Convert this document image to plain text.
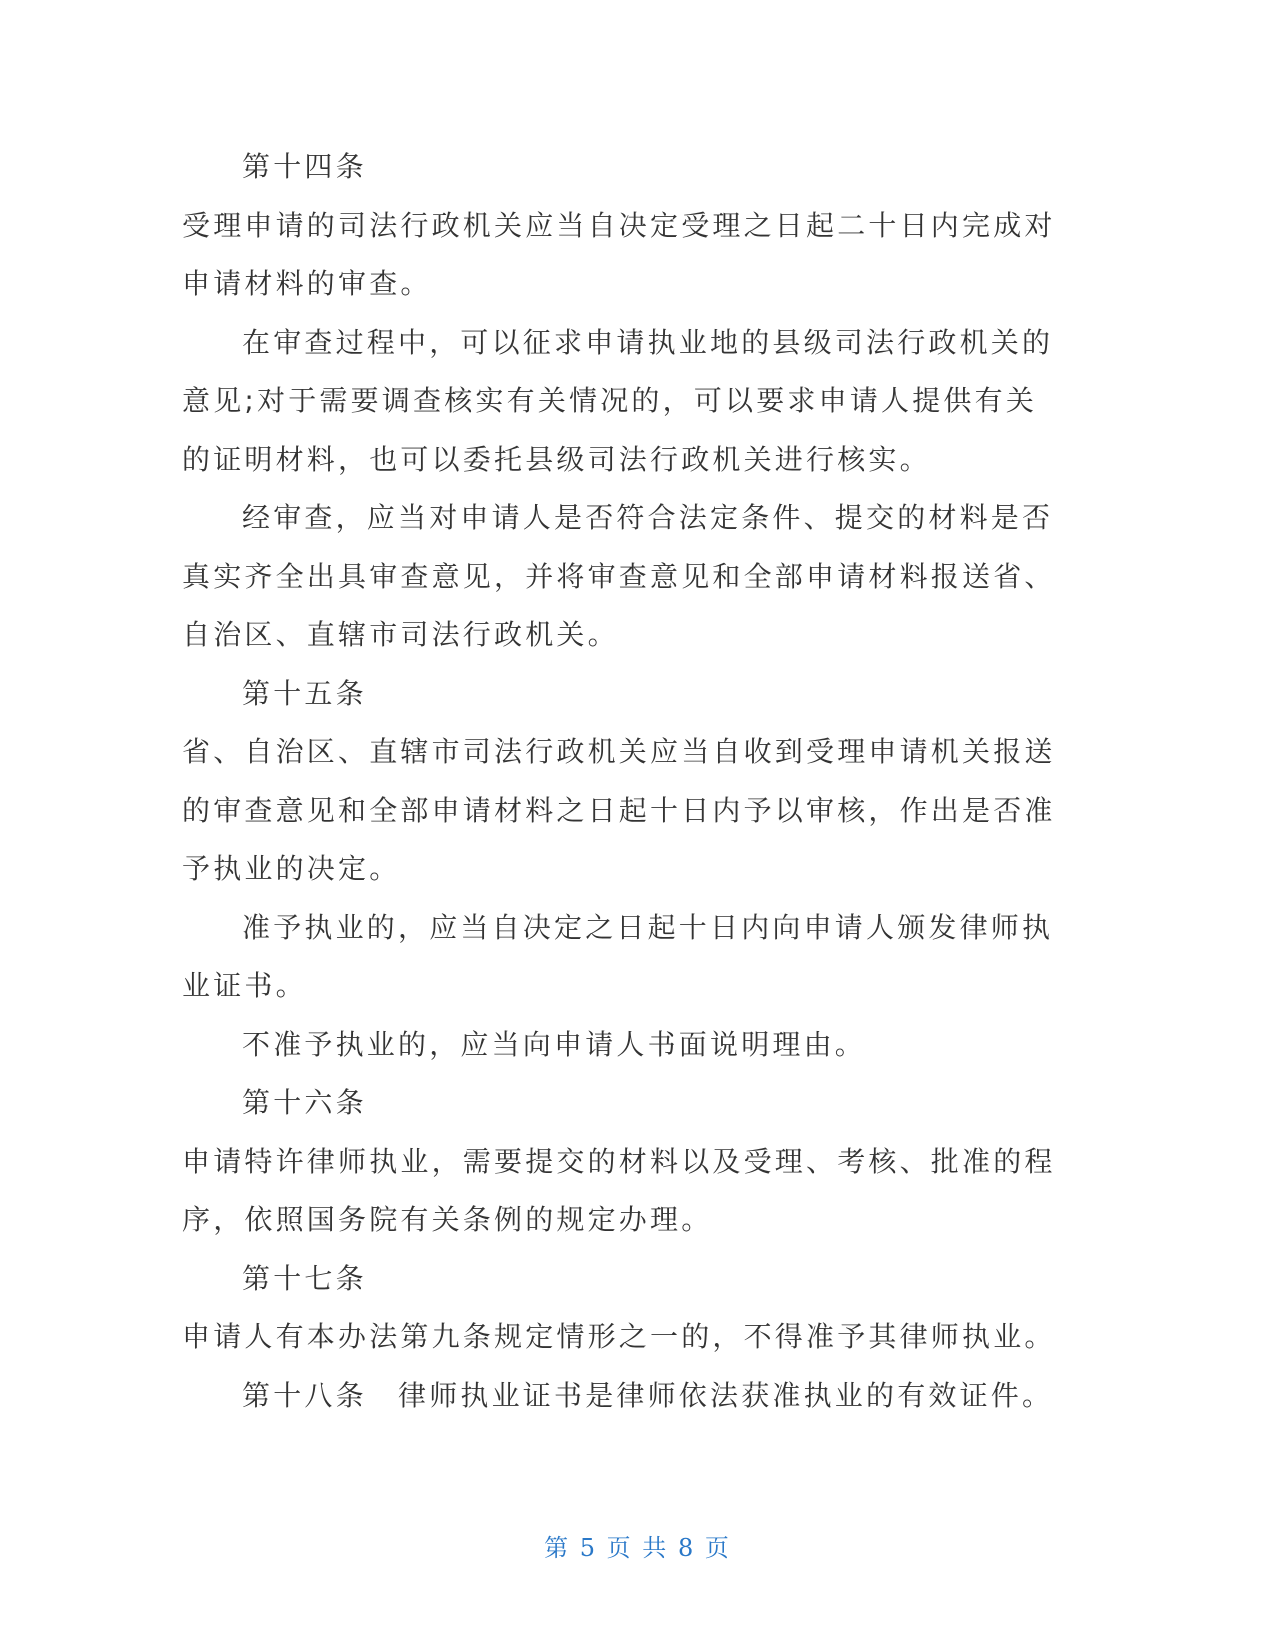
第十四条

受理申请的司法行政机关应当自决定受理之日起二十日内完成对申请材料的审查。

在审查过程中，可以征求申请执业地的县级司法行政机关的意见;对于需要调查核实有关情况的，可以要求申请人提供有关的证明材料，也可以委托县级司法行政机关进行核实。

经审查，应当对申请人是否符合法定条件、提交的材料是否真实齐全出具审查意见，并将审查意见和全部申请材料报送省、自治区、直辖市司法行政机关。

第十五条

省、自治区、直辖市司法行政机关应当自收到受理申请机关报送的审查意见和全部申请材料之日起十日内予以审核，作出是否准予执业的决定。

准予执业的，应当自决定之日起十日内向申请人颁发律师执业证书。

不准予执业的，应当向申请人书面说明理由。

第十六条

申请特许律师执业，需要提交的材料以及受理、考核、批准的程序，依照国务院有关条例的规定办理。

第十七条

申请人有本办法第九条规定情形之一的，不得准予其律师执业。

第十八条　律师执业证书是律师依法获准执业的有效证件。

第 5 页 共 8 页
